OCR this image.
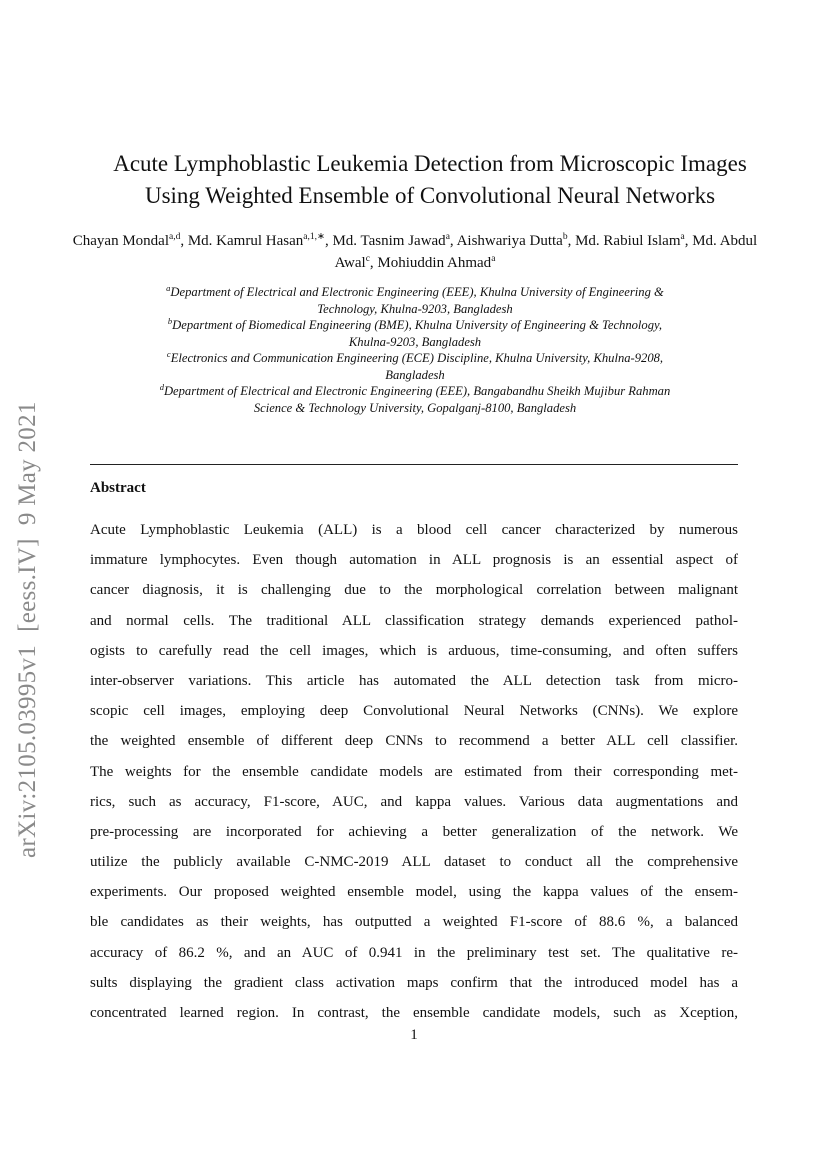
arXiv:2105.03995v1  [eess.IV]  9 May 2021
Acute Lymphoblastic Leukemia Detection from Microscopic Images
Using Weighted Ensemble of Convolutional Neural Networks
Chayan Mondal$^{a,d}$, Md. Kamrul Hasan$^{a,1,∗}$, Md. Tasnim Jawad$^a$, Aishwariya Dutta$^b$, Md. Rabiul Islam$^a$, Md. Abdul Awal$^c$, Mohiuddin Ahmad$^a$
$^a$Department of Electrical and Electronic Engineering (EEE), Khulna University of Engineering &
Technology, Khulna-9203, Bangladesh
$^b$Department of Biomedical Engineering (BME), Khulna University of Engineering & Technology,
Khulna-9203, Bangladesh
$^c$Electronics and Communication Engineering (ECE) Discipline, Khulna University, Khulna-9208,
Bangladesh
$^d$Department of Electrical and Electronic Engineering (EEE), Bangabandhu Sheikh Mujibur Rahman
Science & Technology University, Gopalganj-8100, Bangladesh
Abstract
Acute Lymphoblastic Leukemia (ALL) is a blood cell cancer characterized by numerous
immature lymphocytes. Even though automation in ALL prognosis is an essential aspect of
cancer diagnosis, it is challenging due to the morphological correlation between malignant
and normal cells. The traditional ALL classification strategy demands experienced pathol-
ogists to carefully read the cell images, which is arduous, time-consuming, and often suffers
inter-observer variations. This article has automated the ALL detection task from micro-
scopic cell images, employing deep Convolutional Neural Networks (CNNs). We explore
the weighted ensemble of different deep CNNs to recommend a better ALL cell classifier.
The weights for the ensemble candidate models are estimated from their corresponding met-
rics, such as accuracy, F1-score, AUC, and kappa values. Various data augmentations and
pre-processing are incorporated for achieving a better generalization of the network. We
utilize the publicly available C-NMC-2019 ALL dataset to conduct all the comprehensive
experiments. Our proposed weighted ensemble model, using the kappa values of the ensem-
ble candidates as their weights, has outputted a weighted F1-score of 88.6 %, a balanced
accuracy of 86.2 %, and an AUC of 0.941 in the preliminary test set. The qualitative re-
sults displaying the gradient class activation maps confirm that the introduced model has a
concentrated learned region. In contrast, the ensemble candidate models, such as Xception,
1
